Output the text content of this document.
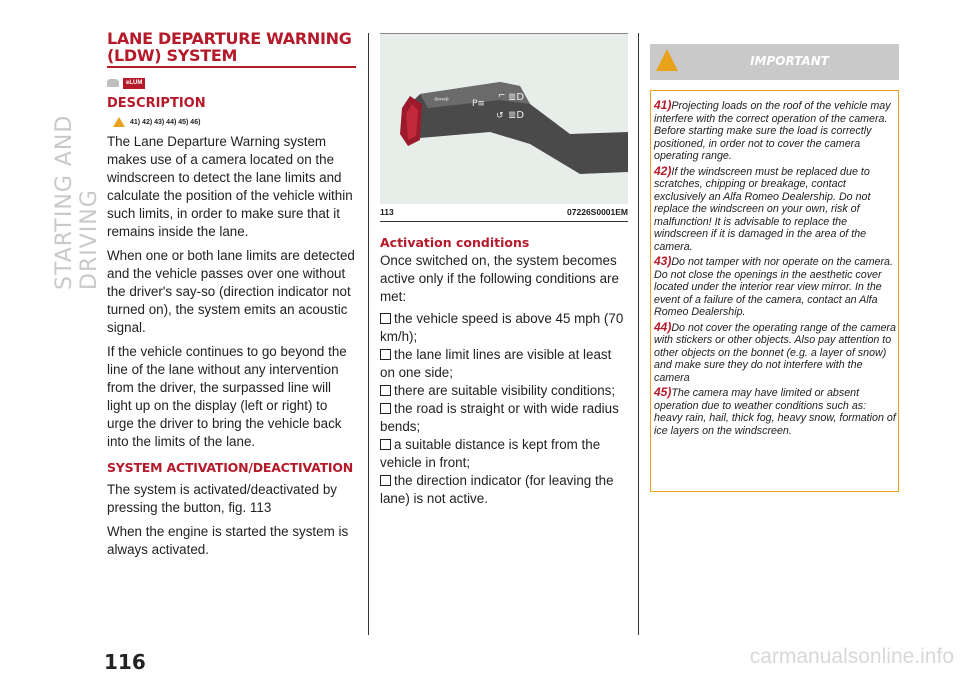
STARTING AND DRIVING
LANE DEPARTURE WARNING
(LDW) SYSTEM
eLUM
DESCRIPTION
41) 42) 43) 44) 45) 46)

The Lane Departure Warning system makes use of a camera located on the windscreen to detect the lane limits and calculate the position of the vehicle within such limits, in order to make sure that it remains inside the lane.

When one or both lane limits are detected and the vehicle passes over one without the driver's say-so (direction indicator not turned on), the system emits an acoustic signal.

If the vehicle continues to go beyond the line of the lane without any intervention from the driver, the surpassed line will light up on the display (left or right) to urge the driver to bring the vehicle back into the limits of the lane.

SYSTEM ACTIVATION/DEACTIVATION

The system is activated/deactivated by pressing the button, fig. 113

When the engine is started the system is always activated.

⇦⇨	P≡
⌐ ≣D
↺ ≣D
113	07226S0001EM
Activation conditions

Once switched on, the system becomes active only if the following conditions are met:

the vehicle speed is above 45 mph (70 km/h);
the lane limit lines are visible at least on one side;
there are suitable visibility conditions;
the road is straight or with wide radius bends;
a suitable distance is kept from the vehicle in front;
the direction indicator (for leaving the lane) is not active.
IMPORTANT
41)Projecting loads on the roof of the vehicle may interfere with the correct operation of the camera. Before starting make sure the load is correctly positioned, in order not to cover the camera operating range.
42)If the windscreen must be replaced due to scratches, chipping or breakage, contact exclusively an Alfa Romeo Dealership. Do not replace the windscreen on your own, risk of malfunction! It is advisable to replace the windscreen if it is damaged in the area of the camera.
43)Do not tamper with nor operate on the camera. Do not close the openings in the aesthetic cover located under the interior rear view mirror. In the event of a failure of the camera, contact an Alfa Romeo Dealership.
44)Do not cover the operating range of the camera with stickers or other objects. Also pay attention to other objects on the bonnet (e.g. a layer of snow) and make sure they do not interfere with the camera
45)The camera may have limited or absent operation due to weather conditions such as: heavy rain, hail, thick fog, heavy snow, formation of ice layers on the windscreen.
116	carmanualsonline.info
